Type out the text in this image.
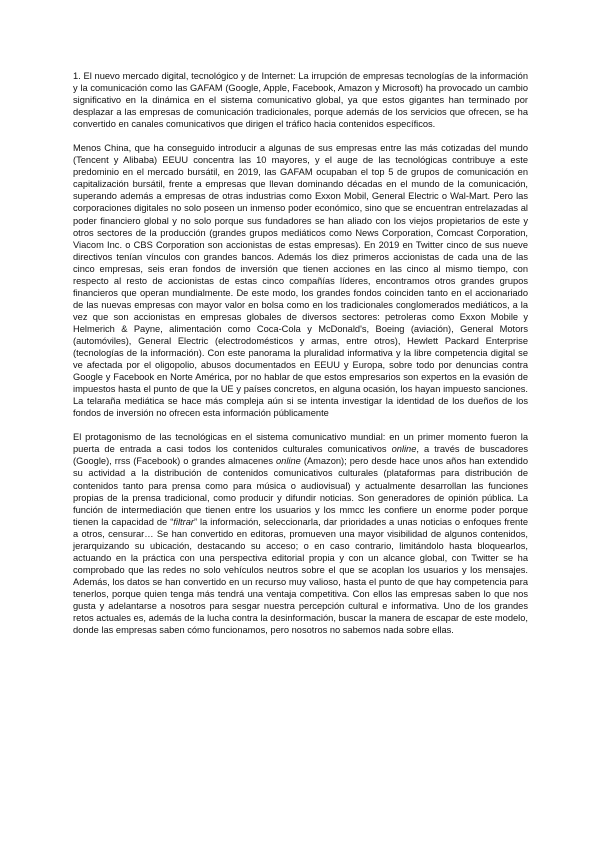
1. El nuevo mercado digital, tecnológico y de Internet: La irrupción de empresas tecnologías de la información y la comunicación como las GAFAM (Google, Apple, Facebook, Amazon y Microsoft) ha provocado un cambio significativo en la dinámica en el sistema comunicativo global, ya que estos gigantes han terminado por desplazar a las empresas de comunicación tradicionales, porque además de los servicios que ofrecen, se ha convertido en canales comunicativos que dirigen el tráfico hacia contenidos específicos.

Menos China, que ha conseguido introducir a algunas de sus empresas entre las más cotizadas del mundo (Tencent y Alibaba) EEUU concentra las 10 mayores, y el auge de las tecnológicas contribuye a este predominio en el mercado bursátil, en 2019, las GAFAM ocupaban el top 5 de grupos de comunicación en capitalización bursátil, frente a empresas que llevan dominando décadas en el mundo de la comunicación, superando además a empresas de otras industrias como Exxon Mobil, General Electric o Wal-Mart. Pero las corporaciones digitales no solo poseen un inmenso poder económico, sino que se encuentran entrelazadas al poder financiero global y no solo porque sus fundadores se han aliado con los viejos propietarios de este y otros sectores de la producción (grandes grupos mediáticos como News Corporation, Comcast Corporation, Viacom Inc. o CBS Corporation son accionistas de estas empresas). En 2019 en Twitter cinco de sus nueve directivos tenían vínculos con grandes bancos. Además los diez primeros accionistas de cada una de las cinco empresas, seis eran fondos de inversión que tienen acciones en las cinco al mismo tiempo, con respecto al resto de accionistas de estas cinco compañías líderes, encontramos otros grandes grupos financieros que operan mundialmente. De este modo, los grandes fondos coinciden tanto en el accionariado de las nuevas empresas con mayor valor en bolsa como en los tradicionales conglomerados mediáticos, a la vez que son accionistas en empresas globales de diversos sectores: petroleras como Exxon Mobile y Helmerich & Payne, alimentación como Coca-Cola y McDonald's, Boeing (aviación), General Motors (automóviles), General Electric (electrodomésticos y armas, entre otros), Hewlett Packard Enterprise (tecnologías de la información). Con este panorama la pluralidad informativa y la libre competencia digital se ve afectada por el oligopolio, abusos documentados en EEUU y Europa, sobre todo por denuncias contra Google y Facebook en Norte América, por no hablar de que estos empresarios son expertos en la evasión de impuestos hasta el punto de que la UE y países concretos, en alguna ocasión, los hayan impuesto sanciones. La telaraña mediática se hace más compleja aún si se intenta investigar la identidad de los dueños de los fondos de inversión no ofrecen esta información públicamente

El protagonismo de las tecnológicas en el sistema comunicativo mundial: en un primer momento fueron la puerta de entrada a casi todos los contenidos culturales comunicativos online, a través de buscadores (Google), rrss (Facebook) o grandes almacenes online (Amazon); pero desde hace unos años han extendido su actividad a la distribución de contenidos comunicativos culturales (plataformas para distribución de contenidos tanto para prensa como para música o audiovisual) y actualmente desarrollan las funciones propias de la prensa tradicional, como producir y difundir noticias. Son generadores de opinión pública. La función de intermediación que tienen entre los usuarios y los mmcc les confiere un enorme poder porque tienen la capacidad de “filtrar” la información, seleccionarla, dar prioridades a unas noticias o enfoques frente a otros, censurar… Se han convertido en editoras, promueven una mayor visibilidad de algunos contenidos, jerarquizando su ubicación, destacando su acceso; o en caso contrario, limitándolo hasta bloquearlos, actuando en la práctica con una perspectiva editorial propia y con un alcance global, con Twitter se ha comprobado que las redes no solo vehículos neutros sobre el que se acoplan los usuarios y los mensajes. Además, los datos se han convertido en un recurso muy valioso, hasta el punto de que hay competencia para tenerlos, porque quien tenga más tendrá una ventaja competitiva. Con ellos las empresas saben lo que nos gusta y adelantarse a nosotros para sesgar nuestra percepción cultural e informativa. Uno de los grandes retos actuales es, además de la lucha contra la desinformación, buscar la manera de escapar de este modelo, donde las empresas saben cómo funcionamos, pero nosotros no sabemos nada sobre ellas.
